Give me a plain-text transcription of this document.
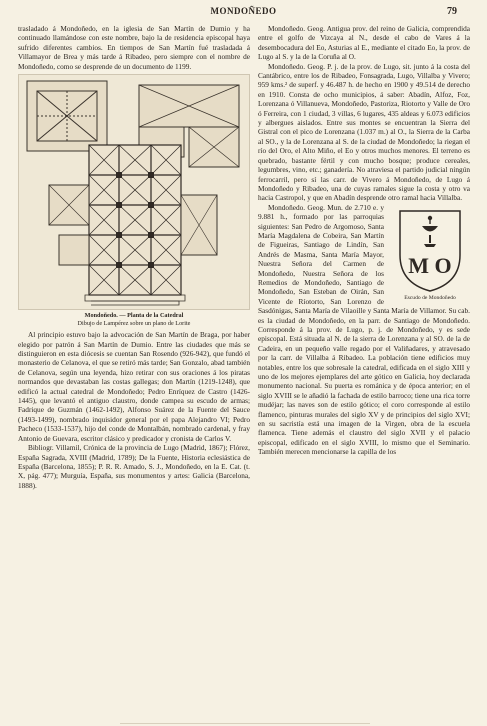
MONDOÑEDO	79

trasladado á Mondoñedo, en la iglesia de San Martín de Dumio y ha continuado llamándose con este nombre, bajo la de residencia episcopal haya sufrido diferentes cambios. En tiempos de San Martín fué trasladada á Villamayor de Brea y más tarde á Ribadeo, pero siempre con el nombre de Mondoñedo, como se desprende de un documento de 1199.

Mondoñedo. — Planta de la Catedral
Dibujo de Lampérez sobre un plano de Lorite

Al principio estuvo bajo la advocación de San Martín de Braga, por haber elegido por patrón á San Martín de Dumio. Entre las ciudades que más se distinguieron en esta diócesis se cuentan San Rosendo (926-942), que fundó el monasterio de Celanova, el que se retiró más tarde; San Gonzalo, abad también de Celanova, según una leyenda, hizo retirar con sus oraciones á los piratas normandos que devastaban las costas gallegas; don Martín (1219-1248), que edificó la actual catedral de Mondoñedo; Pedro Enríquez de Castro (1426-1445), que levantó el antiguo claustro, donde campea su escudo de armas; Fadrique de Guzmán (1462-1492), Alfonso Suárez de la Fuente del Sauce (1493-1499), nombrado inquisidor general por el papa Alejandro VI; Pedro Pacheco (1533-1537), hijo del conde de Montalbán, nombrado cardenal, y fray Antonio de Guevara, escritor clásico y predicador y cronista de Carlos V.

Bibliogr. Villamil, Crónica de la provincia de Lugo (Madrid, 1867); Flórez, España Sagrada, XVIII (Madrid, 1789); De la Fuente, Historia eclesiástica de España (Barcelona, 1855); P. R. R. Amado, S. J., Mondoñedo, en la E. Cat. (t. X, pág. 477); Murguía, España, sus monumentos y artes: Galicia (Barcelona, 1888).

Mondoñedo. Geog. Antigua prov. del reino de Galicia, comprendida entre el golfo de Vizcaya al N., desde el cabo de Vares á la desembocadura del Eo, Asturias al E., mediante el citado Eo, la prov. de Lugo al S. y la de la Coruña al O.

Mondoñedo. Geog. P. j. de la prov. de Lugo, sit. junto á la costa del Cantábrico, entre los de Ribadeo, Fonsagrada, Lugo, Villalba y Vivero; 959 kms.² de superf. y 46.487 h. de hecho en 1900 y 49.514 de derecho en 1910. Consta de ocho municipios, á saber: Abadín, Alfoz, Foz, Lorenzana ó Villanueva, Mondoñedo, Pastoriza, Riotorto y Valle de Oro ó Ferreira, con 1 ciudad, 3 villas, 6 lugares, 435 aldeas y 6.073 edificios y albergues aislados. Entre sus montes se encuentran la Sierra del Gistral con el pico de Lorenzana (1.037 m.) al O., la Sierra de la Carba al SO., y la de Lorenzana al S. de la ciudad de Mondoñedo; la riegan el río del Oro, el Alto Miño, el Eo y otros muchos menores. El terreno es quebrado, bastante fértil y con mucho bosque; produce cereales, legumbres, vino, etc.; ganadería. No atraviesa el partido judicial ningún ferrocarril, pero sí las carr. de Vivero á Mondoñedo, de Lugo á Mondoñedo y Ribadeo, una de cuyas ramales sigue la costa y otro va hacia Castropol, y que en Abadín desprende otro ramal hacia Villalba.

M O
Escudo de Mondoñedo

Mondoñedo. Geog. Mun. de 2.710 e. y 9.881 h., formado por las parroquias siguientes: San Pedro de Argomoso, Santa María Magdalena de Cobeira, San Martín de Figueiras, Santiago de Lindín, San Andrés de Masma, Santa María Mayor, Nuestra Señora del Carmen de Mondoñedo, Nuestra Señora de los Remedios de Mondoñedo, Santiago de Mondoñedo, San Esteban de Oirán, San Vicente de Ríotorto, San Lorenzo de Sasdónigas, Santa María de Vilaoille y Santa María de Villamor. Su cab. es la ciudad de Mondoñedo, en la parr. de Santiago de Mondoñedo. Corresponde á la prov. de Lugo, p. j. de Mondoñedo, y es sede episcopal. Está situada al N. de la sierra de Lorenzana y al SO. de la de Cadeira, en un pequeño valle regado por el Valiñadares, y atravesado por la carr. de Villalba á Ribadeo. La población tiene edificios muy notables, entre los que sobresale la catedral, edificada en el siglo XIII y uno de los mejores ejemplares del arte gótico en Galicia, hoy declarada monumento nacional. Su puerta es románica y de época anterior; en el siglo XVIII se le añadió la fachada de estilo barroco; tiene una rica torre mudéjar; las naves son de estilo gótico; el coro corresponde al estilo flamenco, pinturas murales del siglo XV y de principios del siglo XVI; en su sacristía está una imagen de la Virgen, obra de la escuela flamenca. Tiene además el claustro del siglo XVII y el palacio episcopal, edificado en el siglo XVIII, lo mismo que el Seminario. También merecen mencionarse la capilla de los
